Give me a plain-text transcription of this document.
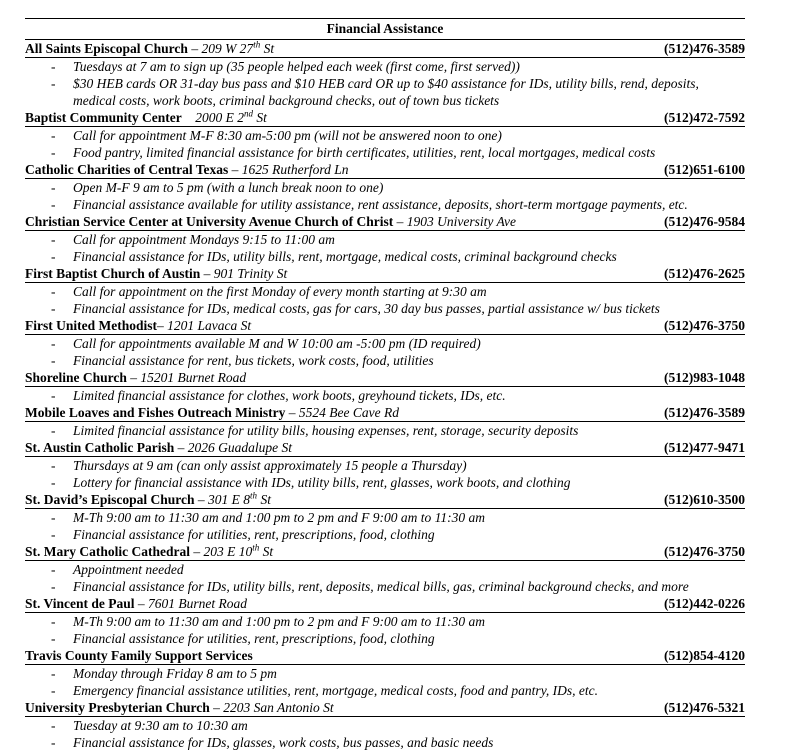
Financial Assistance
All Saints Episcopal Church – 209 W 27th St	(512)476-3589
- Tuesdays at 7 am to sign up (35 people helped each week (first come, first served))
- $30 HEB cards OR 31-day bus pass and $10 HEB card OR up to $40 assistance for IDs, utility bills, rend, deposits,
medical costs, work boots, criminal background checks, out of town bus tickets
Baptist Community Center 2000 E 2nd St	(512)472-7592
- Call for appointment M-F 8:30 am-5:00 pm (will not be answered noon to one)
- Food pantry, limited financial assistance for birth certificates, utilities, rent, local mortgages, medical costs
Catholic Charities of Central Texas – 1625 Rutherford Ln	(512)651-6100
- Open M-F 9 am to 5 pm (with a lunch break noon to one)
- Financial assistance available for utility assistance, rent assistance, deposits, short-term mortgage payments, etc.
Christian Service Center at University Avenue Church of Christ – 1903 University Ave	(512)476-9584
- Call for appointment Mondays 9:15 to 11:00 am
- Financial assistance for IDs, utility bills, rent, mortgage, medical costs, criminal background checks
First Baptist Church of Austin – 901 Trinity St	(512)476-2625
- Call for appointment on the first Monday of every month starting at 9:30 am
- Financial assistance for IDs, medical costs, gas for cars, 30 day bus passes, partial assistance w/ bus tickets
First United Methodist– 1201 Lavaca St	(512)476-3750
- Call for appointments available M and W 10:00 am -5:00 pm (ID required)
- Financial assistance for rent, bus tickets, work costs, food, utilities
Shoreline Church – 15201 Burnet Road	(512)983-1048
- Limited financial assistance for clothes, work boots, greyhound tickets, IDs, etc.
Mobile Loaves and Fishes Outreach Ministry – 5524 Bee Cave Rd	(512)476-3589
- Limited financial assistance for utility bills, housing expenses, rent, storage, security deposits
St. Austin Catholic Parish – 2026 Guadalupe St	(512)477-9471
- Thursdays at 9 am (can only assist approximately 15 people a Thursday)
- Lottery for financial assistance with IDs, utility bills, rent, glasses, work boots, and clothing
St. David’s Episcopal Church – 301 E 8th St	(512)610-3500
- M-Th 9:00 am to 11:30 am and 1:00 pm to 2 pm and F 9:00 am to 11:30 am
- Financial assistance for utilities, rent, prescriptions, food, clothing
St. Mary Catholic Cathedral – 203 E 10th St	(512)476-3750
- Appointment needed
- Financial assistance for IDs, utility bills, rent, deposits, medical bills, gas, criminal background checks, and more
St. Vincent de Paul – 7601 Burnet Road	(512)442-0226
- M-Th 9:00 am to 11:30 am and 1:00 pm to 2 pm and F 9:00 am to 11:30 am
- Financial assistance for utilities, rent, prescriptions, food, clothing
Travis County Family Support Services	(512)854-4120
- Monday through Friday 8 am to 5 pm
- Emergency financial assistance utilities, rent, mortgage, medical costs, food and pantry, IDs, etc.
University Presbyterian Church – 2203 San Antonio St	(512)476-5321
- Tuesday at 9:30 am to 10:30 am
- Financial assistance for IDs, glasses, work costs, bus passes, and basic needs
